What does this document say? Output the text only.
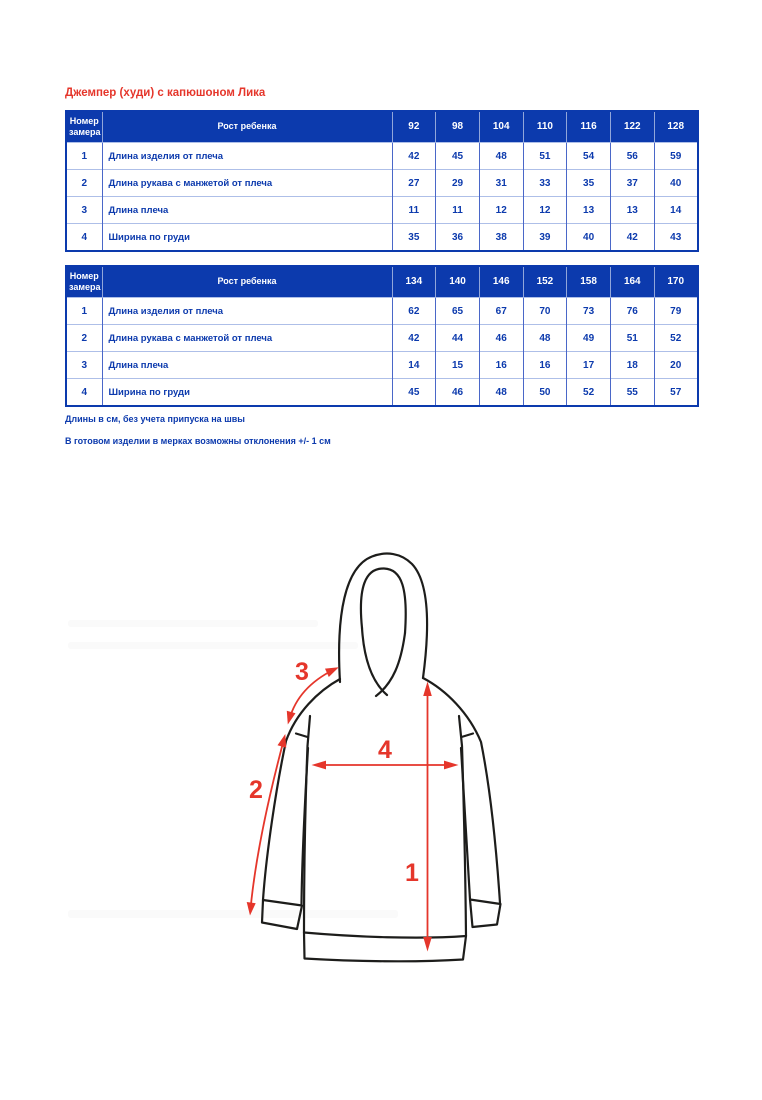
Джемпер (худи) с капюшоном Лика
Номер замера	Рост ребенка	92	98	104	110	116	122	128
1	Длина изделия от плеча	42	45	48	51	54	56	59
2	Длина рукава с манжетой от плеча	27	29	31	33	35	37	40
3	Длина плеча	11	11	12	12	13	13	14
4	Ширина по груди	35	36	38	39	40	42	43
Номер замера	Рост ребенка	134	140	146	152	158	164	170
1	Длина изделия от плеча	62	65	67	70	73	76	79
2	Длина рукава с манжетой от плеча	42	44	46	48	49	51	52
3	Длина плеча	14	15	16	16	17	18	20
4	Ширина по груди	45	46	48	50	52	55	57
Длины в см, без учета припуска на швы
В готовом изделии в мерках возможны отклонения +/- 1 см
1
2
3
4
